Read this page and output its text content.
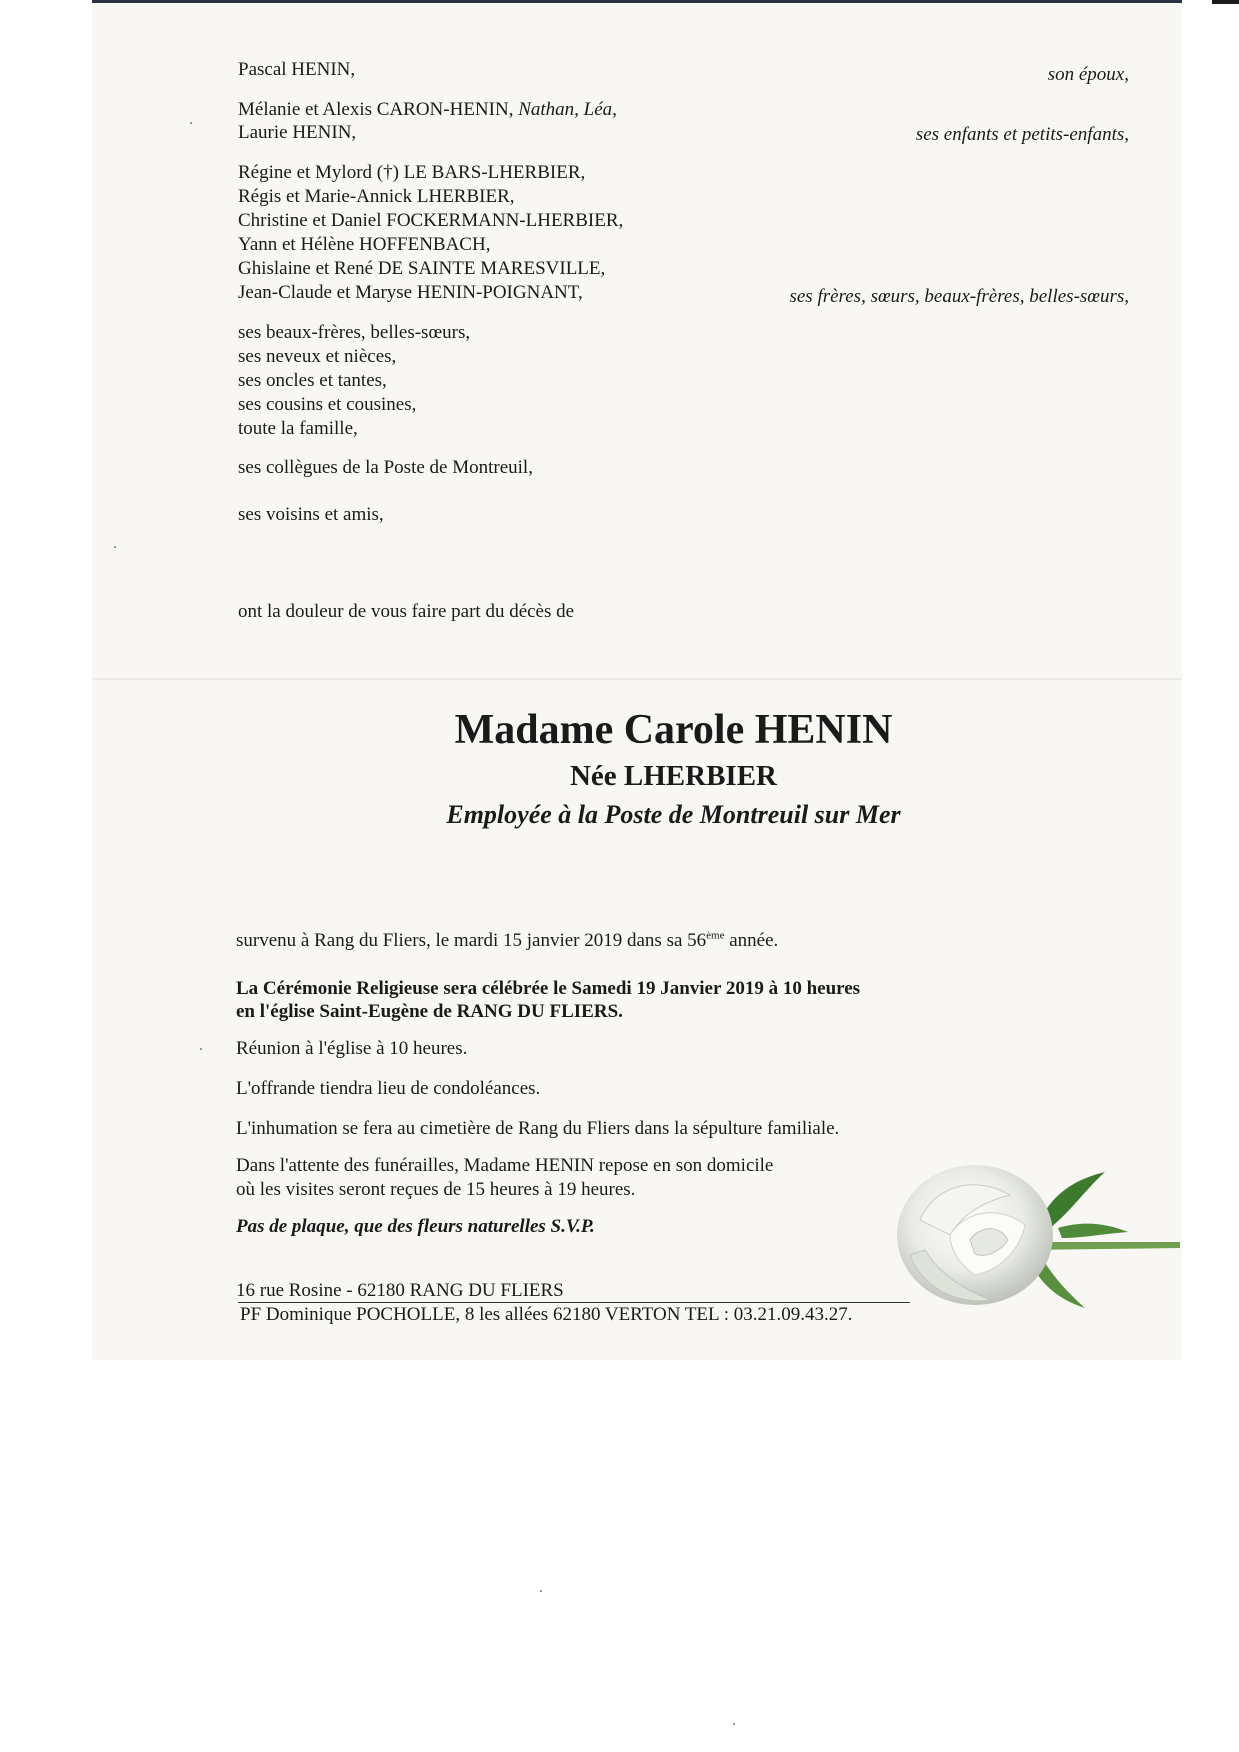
Pascal HENIN,
Mélanie et Alexis CARON-HENIN, Nathan, Léa,
Laurie HENIN,
Régine et Mylord (†) LE BARS-LHERBIER,
Régis et Marie-Annick LHERBIER,
Christine et Daniel FOCKERMANN-LHERBIER,
Yann et Hélène HOFFENBACH,
Ghislaine et René DE SAINTE MARESVILLE,
Jean-Claude et Maryse HENIN-POIGNANT,
ses beaux-frères, belles-sœurs,
ses neveux et nièces,
ses oncles et tantes,
ses cousins et cousines,
toute la famille,
ses collègues de la Poste de Montreuil,
ses voisins et amis,
ont la douleur de vous faire part du décès de
son époux,
ses enfants et petits-enfants,
ses frères, sœurs, beaux-frères, belles-sœurs,
Madame Carole HENIN
Née LHERBIER
Employée à la Poste de Montreuil sur Mer
survenu à Rang du Fliers, le mardi 15 janvier 2019 dans sa 56ème année.
La Cérémonie Religieuse sera célébrée le Samedi 19 Janvier 2019 à 10 heures
en l'église Saint-Eugène de RANG DU FLIERS.
Réunion à l'église à 10 heures.
L'offrande tiendra lieu de condoléances.
L'inhumation se fera au cimetière de Rang du Fliers dans la sépulture familiale.
Dans l'attente des funérailles, Madame HENIN repose en son domicile
où les visites seront reçues de 15 heures à 19 heures.
Pas de plaque, que des fleurs naturelles S.V.P.
16 rue Rosine - 62180 RANG DU FLIERS
PF Dominique POCHOLLE, 8 les allées 62180 VERTON TEL : 03.21.09.43.27.
